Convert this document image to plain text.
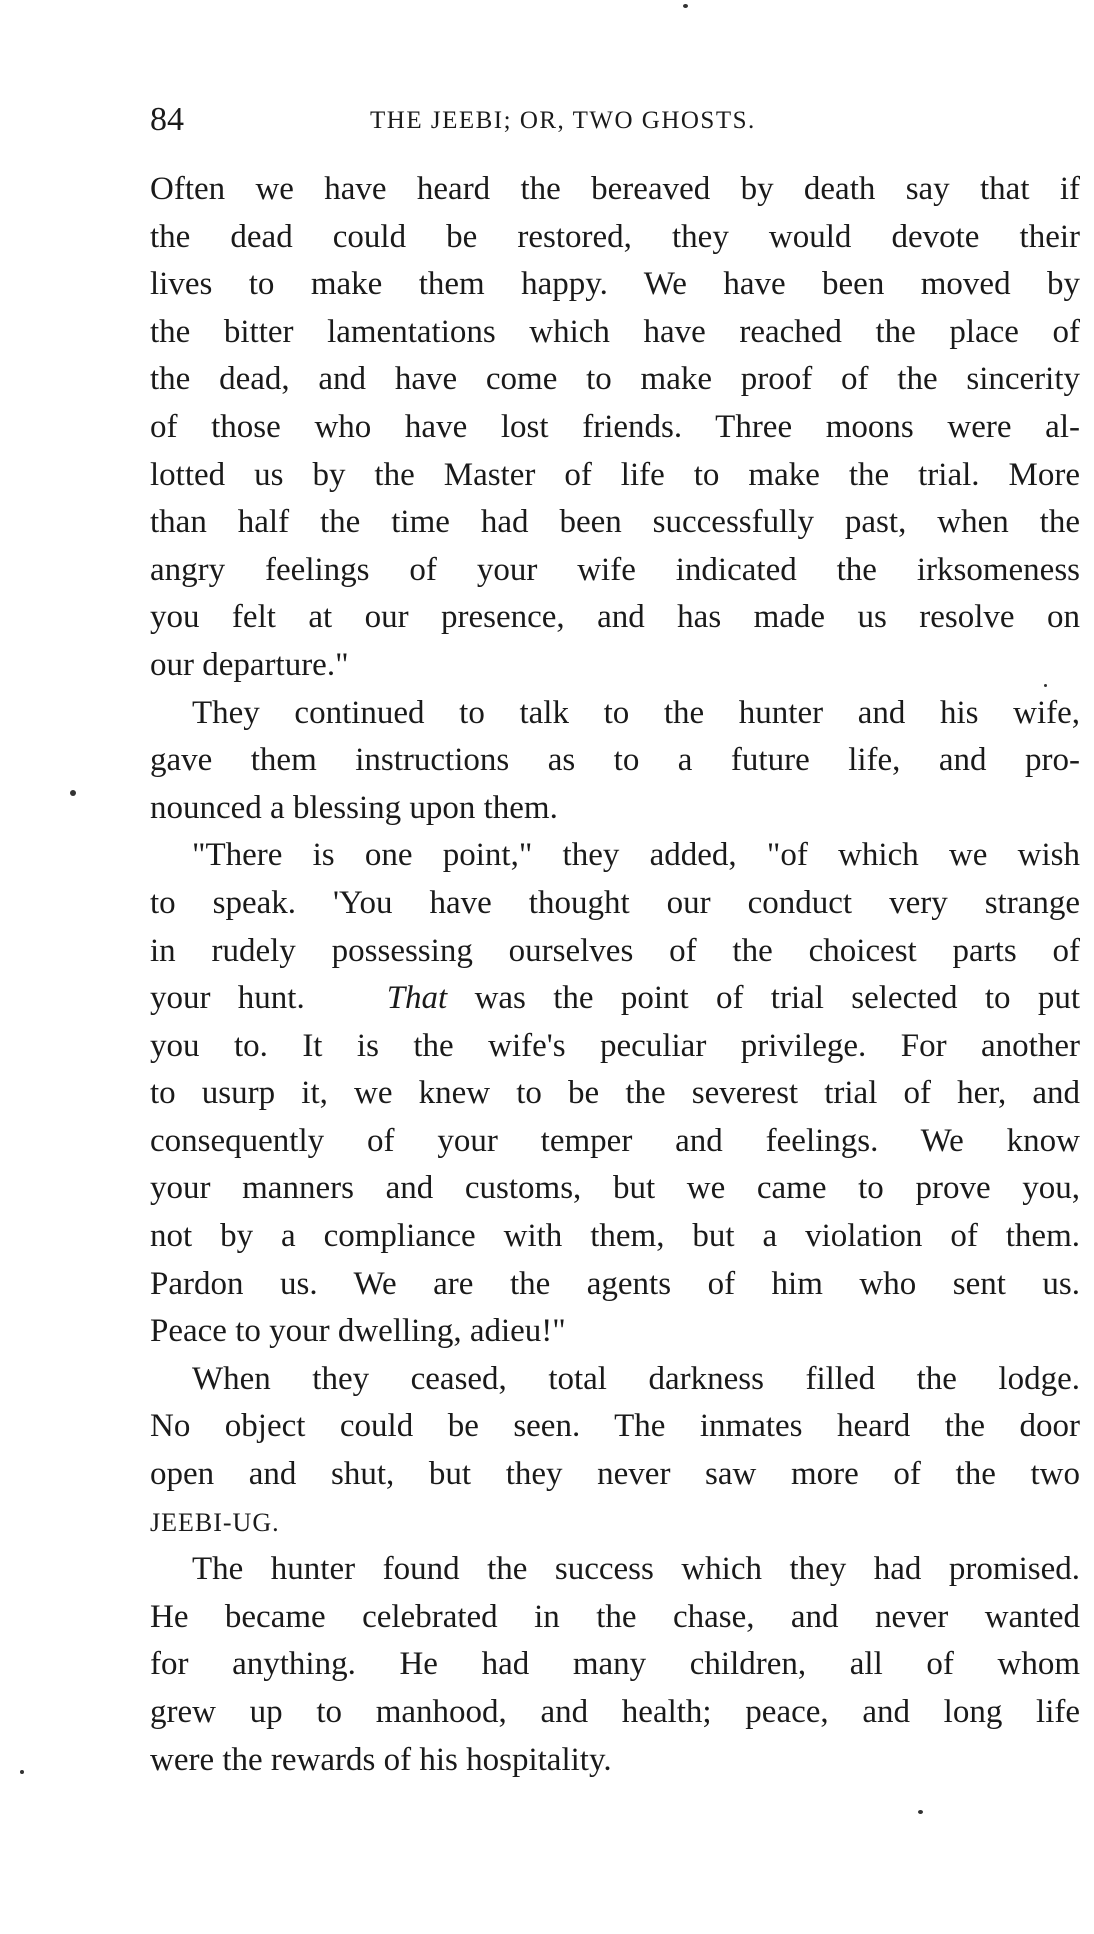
84	THE JEEBI; OR, TWO GHOSTS.

Often we have heard the bereaved by death say that if
the dead could be restored, they would devote their
lives to make them happy. We have been moved by
the bitter lamentations which have reached the place of
the dead, and have come to make proof of the sincerity
of those who have lost friends. Three moons were al-
lotted us by the Master of life to make the trial. More
than half the time had been successfully past, when the
angry feelings of your wife indicated the irksomeness
you felt at our presence, and has made us resolve on
our departure."

They continued to talk to the hunter and his wife,
gave them instructions as to a future life, and pro-
nounced a blessing upon them.

"There is one point," they added, "of which we wish
to speak. 'You have thought our conduct very strange
in rudely possessing ourselves of the choicest parts of
your hunt. That was the point of trial selected to put
you to. It is the wife's peculiar privilege. For another
to usurp it, we knew to be the severest trial of her, and
consequently of your temper and feelings. We know
your manners and customs, but we came to prove you,
not by a compliance with them, but a violation of them.
Pardon us. We are the agents of him who sent us.
Peace to your dwelling, adieu!"

When they ceased, total darkness filled the lodge.
No object could be seen. The inmates heard the door
open and shut, but they never saw more of the two
JEEBI-UG.

The hunter found the success which they had promised.
He became celebrated in the chase, and never wanted
for anything. He had many children, all of whom
grew up to manhood, and health; peace, and long life
were the rewards of his hospitality.
